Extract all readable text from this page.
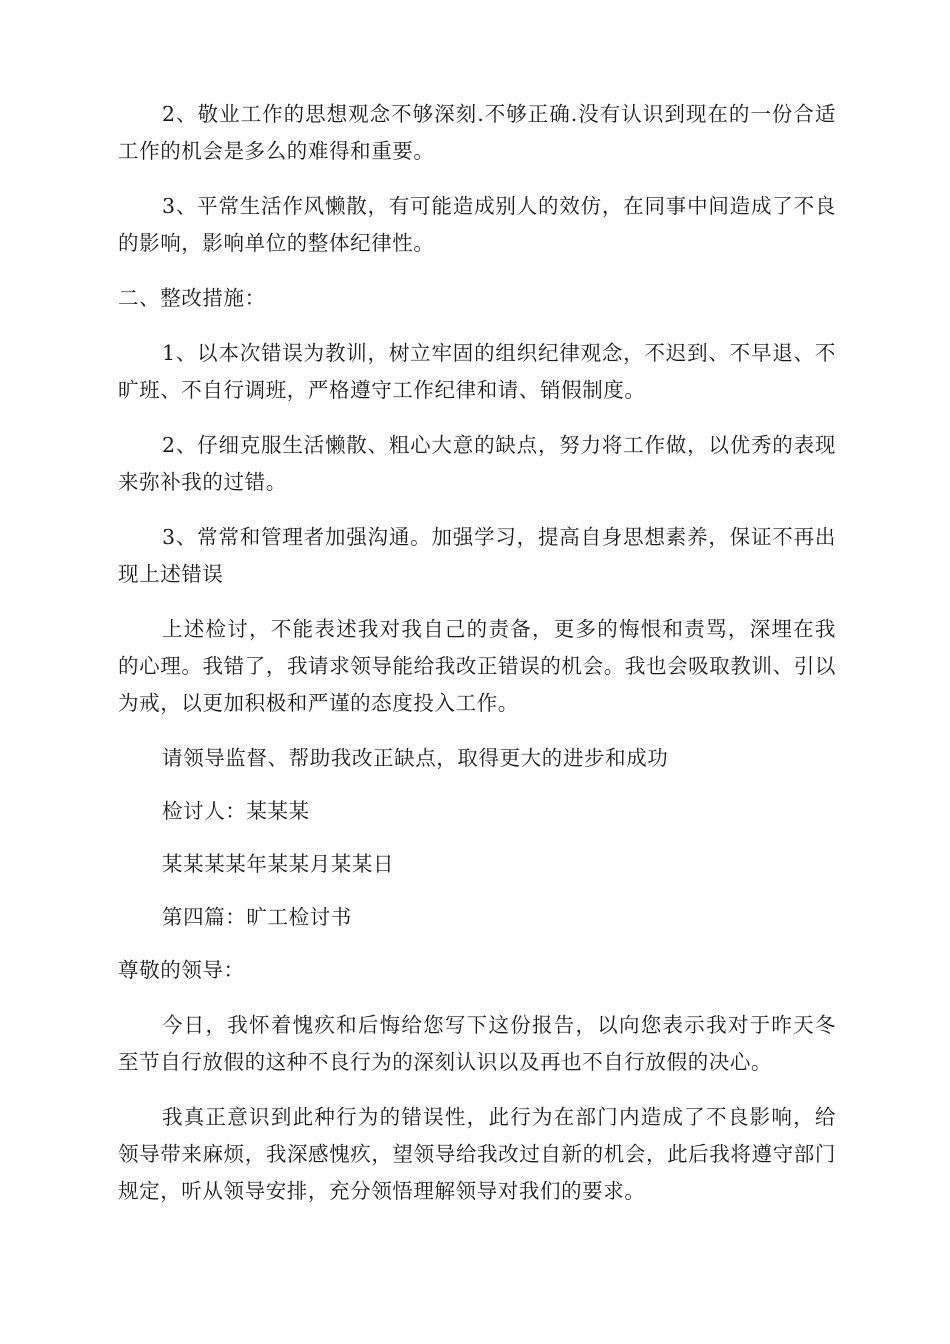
2、敬业工作的思想观念不够深刻.不够正确.没有认识到现在的一份合适工作的机会是多么的难得和重要。

3、平常生活作风懒散，有可能造成别人的效仿，在同事中间造成了不良的影响，影响单位的整体纪律性。

二、整改措施：

1、以本次错误为教训，树立牢固的组织纪律观念，不迟到、不早退、不旷班、不自行调班，严格遵守工作纪律和请、销假制度。

2、仔细克服生活懒散、粗心大意的缺点，努力将工作做，以优秀的表现来弥补我的过错。

3、常常和管理者加强沟通。加强学习，提高自身思想素养，保证不再出现上述错误

上述检讨，不能表述我对我自己的责备，更多的悔恨和责骂，深埋在我的心理。我错了，我请求领导能给我改正错误的机会。我也会吸取教训、引以为戒，以更加积极和严谨的态度投入工作。

请领导监督、帮助我改正缺点，取得更大的进步和成功

检讨人：某某某

某某某某年某某月某某日

第四篇：旷工检讨书

尊敬的领导：

今日，我怀着愧疚和后悔给您写下这份报告，以向您表示我对于昨天冬至节自行放假的这种不良行为的深刻认识以及再也不自行放假的决心。

我真正意识到此种行为的错误性，此行为在部门内造成了不良影响，给领导带来麻烦，我深感愧疚，望领导给我改过自新的机会，此后我将遵守部门规定，听从领导安排，充分领悟理解领导对我们的要求。
